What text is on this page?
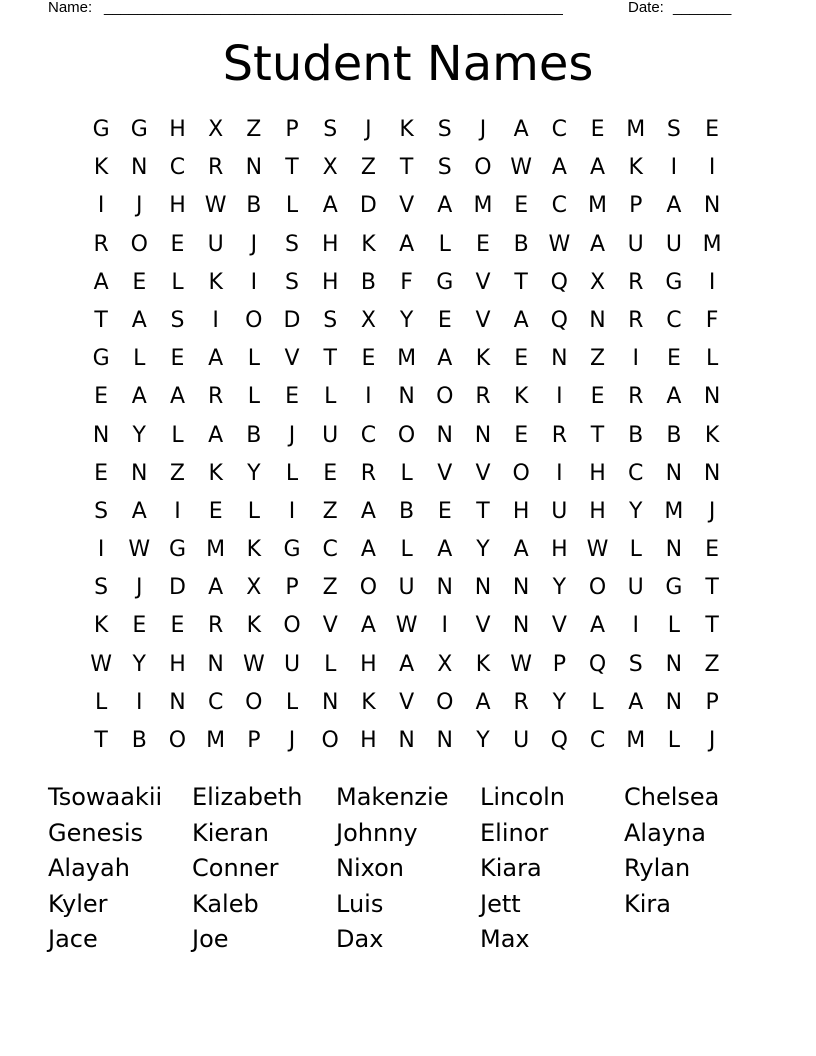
Name: _______________________________________________________	Date: _______
Student Names
G G H	X	Z	P	S	J	K	S	J	A	C	E M S	E
K	N	C	R	N	T	X	Z	T	S	O W A	A	K	I	I
I	J	H W B	L	A	D	V	A M E	C M	P	A	N
R O	E	U	J	S	H	K	A	L	E	B W A	U	U M
A	E	L	K	I	S	H	B	F	G	V	T	Q X	R	G	I
T	A	S	I	O D	S	X	Y	E	V	A Q N	R	C	F
G	L	E	A	L	V	T	E M A	K	E	N	Z	I	E	L
E	A	A	R	L	E	L	I	N O R	K	I	E	R	A	N
N	Y	L	A	B	J	U	C O N N	E	R	T	B	B	K
E	N	Z	K	Y	L	E	R	L	V	V O	I	H	C	N N
S	A	I	E	L	I	Z	A	B	E	T	H U H	Y M	J
I	W G M K	G C	A	L	A	Y	A	H W L	N	E
S	J	D	A	X	P	Z O U N N N	Y	O U G	T
K	E	E	R	K	O	V	A W	I	V	N	V	A	I	L	T
W Y	H N W U	L	H	A	X	K W P	Q	S	N	Z
L	I	N	C O	L	N	K	V O	A	R	Y	L	A	N	P
T	B O M	P	J	O H N N	Y	U Q C M	L	J
Tsowaakii	Elizabeth	Makenzie	Lincoln	Chelsea
Genesis	Kieran	Johnny	Elinor	Alayna
Alayah	Conner	Nixon	Kiara	Rylan
Kyler	Kaleb	Luis	Jett	Kira
Jace	Joe	Dax	Max
